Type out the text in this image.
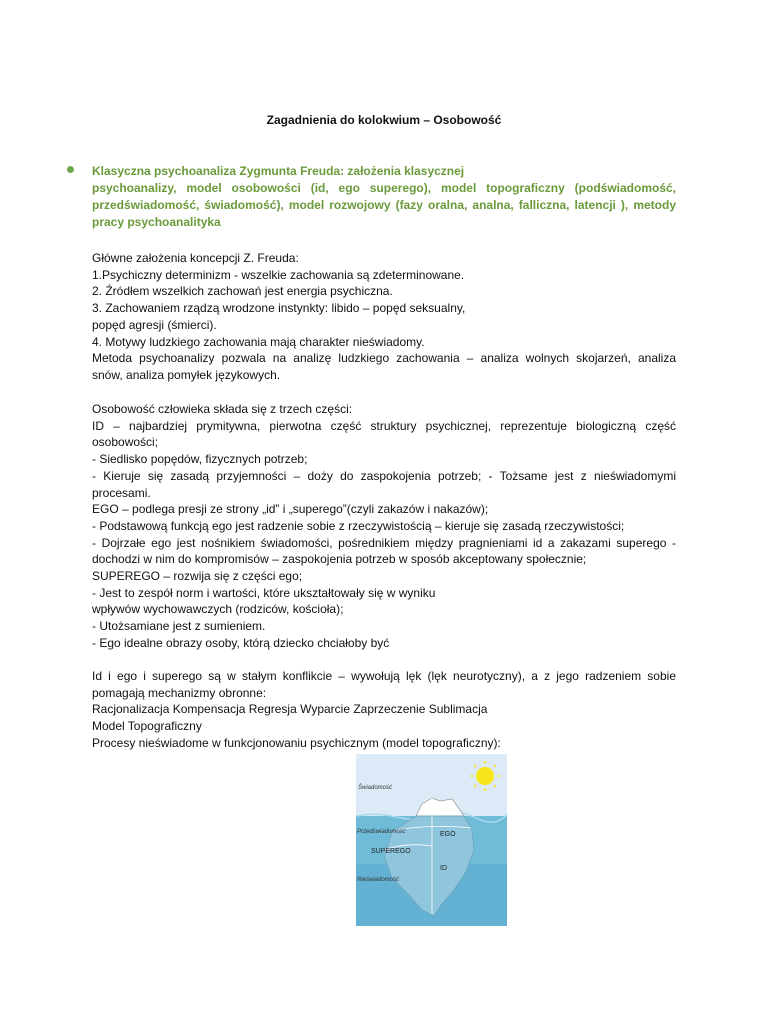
Zagadnienia do kolokwium – Osobowość
Klasyczna psychoanaliza Zygmunta Freuda: założenia klasycznej
psychoanalizy, model osobowości (id, ego superego), model topograficzny (podświadomość,
przedświadomość, świadomość), model rozwojowy (fazy oralna, analna, falliczna, latencji ), metody
pracy psychoanalityka
Główne założenia koncepcji Z. Freuda:
1.Psychiczny determinizm - wszelkie zachowania są zdeterminowane.
2. Źródłem wszelkich zachowań jest energia psychiczna.
3. Zachowaniem rządzą wrodzone instynkty: libido – popęd seksualny,
popęd agresji (śmierci).
4. Motywy ludzkiego zachowania mają charakter nieświadomy.
Metoda psychoanalizy pozwala na analizę ludzkiego zachowania – analiza wolnych skojarzeń, analiza
snów, analiza pomyłek językowych.
Osobowość człowieka składa się z trzech części:
ID – najbardziej prymitywna, pierwotna część struktury psychicznej, reprezentuje biologiczną część
osobowości;
- Siedlisko popędów, fizycznych potrzeb;
- Kieruje się zasadą przyjemności – dożу do zaspokojenia potrzeb; - Tożsame jest z nieświadomymi
procesami.
EGO – podlega presji ze strony „id” i „superego”(czyli zakazów i nakazów);
- Podstawową funkcją ego jest radzenie sobie z rzeczywistością – kieruje się zasadą rzeczywistości;
- Dojrzałe ego jest nośnikiem świadomości, pośrednikiem między pragnieniami id a zakazami superego -
dochodzi w nim do kompromisów – zaspokojenia potrzeb w sposób akceptowany społecznie;
SUPEREGO – rozwija się z części ego;
- Jest to zespół norm i wartości, które ukształtowały się w wyniku
wpływów wychowawczych (rodziców, kościoła);
- Utożsamiane jest z sumieniem.
- Ego idealne obrazy osoby, którą dziecko chciałoby być
Id i ego i superego są w stałym konflikcie – wywołują lęk (lęk neurotyczny), a z jego radzeniem sobie
pomagają mechanizmy obronne:
Racjonalizacja Kompensacja Regresja Wyparcie Zaprzeczenie Sublimacja
Model Topograficzny
Procesy nieświadome w funkcjonowaniu psychicznym (model topograficzny):
Świadomość
Przedświadomość
Nieświadomość
EGO
SUPEREGO
ID
